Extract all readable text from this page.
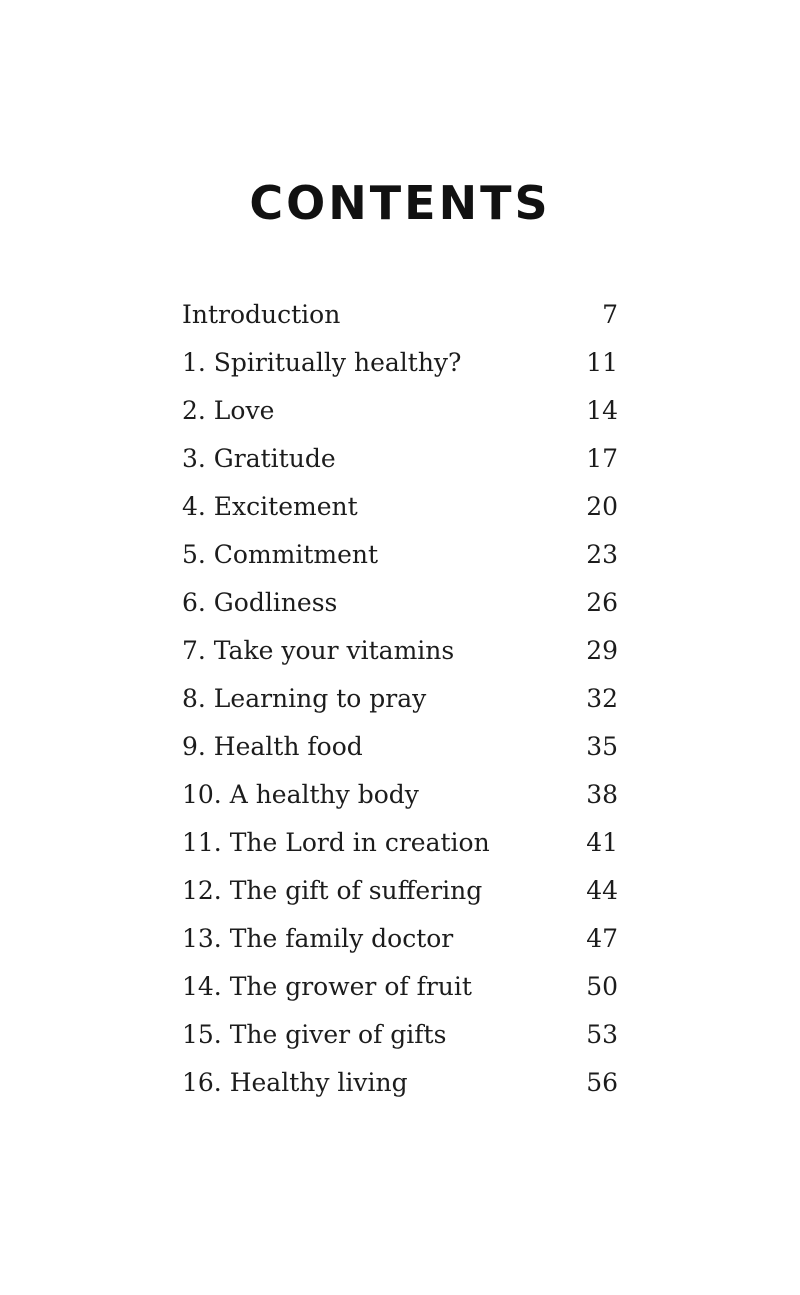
CONTENTS
Introduction	7
1. Spiritually healthy?	11
2. Love	14
3. Gratitude	17
4. Excitement	20
5. Commitment	23
6. Godliness	26
7. Take your vitamins	29
8. Learning to pray	32
9. Health food	35
10. A healthy body	38
11. The Lord in creation	41
12. The gift of suffering	44
13. The family doctor	47
14. The grower of fruit	50
15. The giver of gifts	53
16. Healthy living	56
